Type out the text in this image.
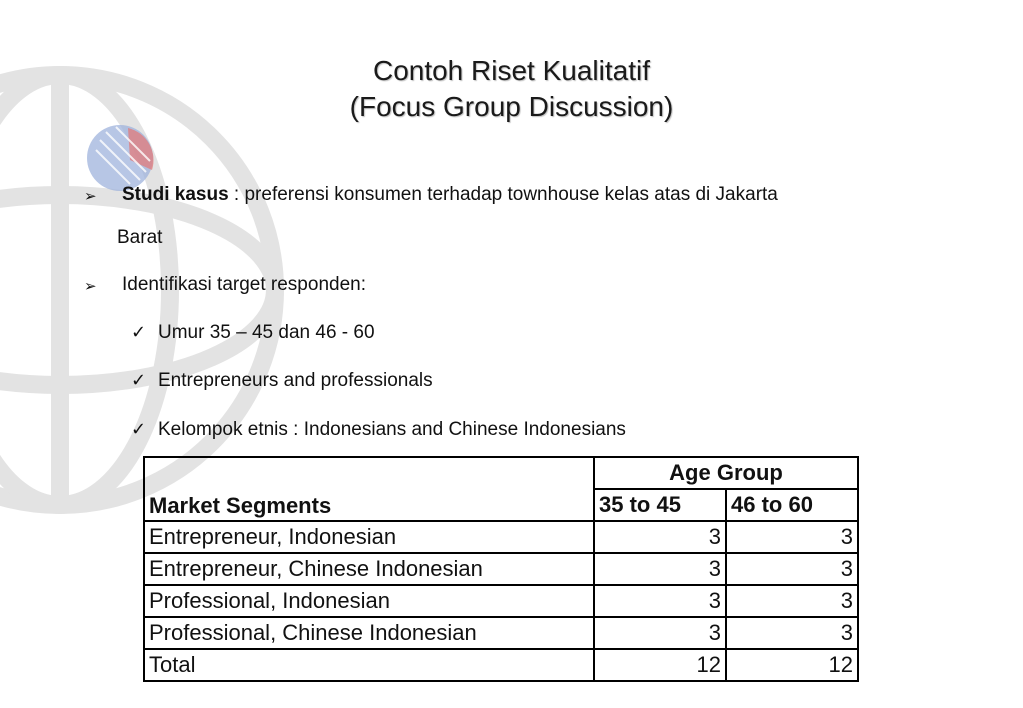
Contoh Riset Kualitatif
(Focus Group Discussion)
➢ Studi kasus : preferensi konsumen terhadap townhouse kelas atas di Jakarta
Barat
➢ Identifikasi target responden:
✓ Umur 35 – 45 dan 46 - 60
✓ Entrepreneurs and professionals
✓ Kelompok etnis : Indonesians and Chinese Indonesians
Market Segments	Age Group	
	35 to 45	46 to 60
Entrepreneur, Indonesian	3	3
Entrepreneur, Chinese Indonesian	3	3
Professional, Indonesian	3	3
Professional, Chinese Indonesian	3	3
Total	12	12
